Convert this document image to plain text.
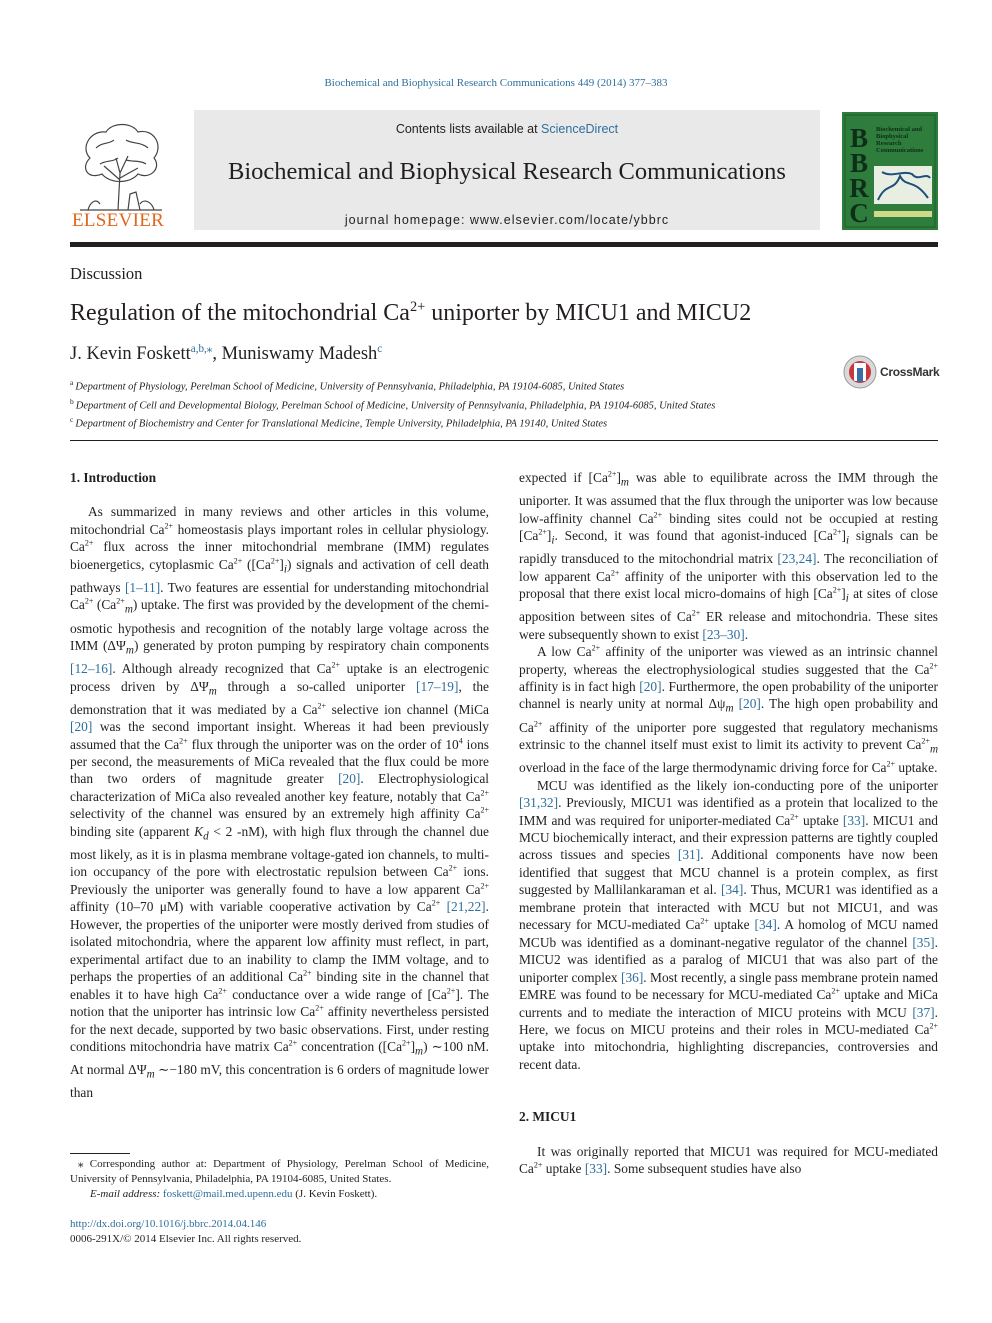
Biochemical and Biophysical Research Communications 449 (2014) 377–383
ELSEVIER
Contents lists available at ScienceDirect
Biochemical and Biophysical Research Communications
journal homepage: www.elsevier.com/locate/ybbrc
B
B
R
C
Biochemical and Biophysical Research Communications
Discussion
Regulation of the mitochondrial $Ca^{2+}$ uniporter by MICU1 and MICU2
J. Kevin Foskett$^{a,b,⁎}$, Muniswamy Madesh$^c$
CrossMark
$^a$ Department of Physiology, Perelman School of Medicine, University of Pennsylvania, Philadelphia, PA 19104-6085, United States
$^b$ Department of Cell and Developmental Biology, Perelman School of Medicine, University of Pennsylvania, Philadelphia, PA 19104-6085, United States
$^c$ Department of Biochemistry and Center for Translational Medicine, Temple University, Philadelphia, PA 19140, United States
1. Introduction

As summarized in many reviews and other articles in this volume, mitochondrial $Ca^{2+}$ homeostasis plays important roles in cellular physiology. $Ca^{2+}$ flux across the inner mitochondrial membrane (IMM) regulates bioenergetics, cytoplasmic $Ca^{2+}$ $([Ca^{2+}]_i)$ signals and activation of cell death pathways [1–11]. Two features are essential for understanding mitochondrial $Ca^{2+}$ $(Ca^{2+}_m)$ uptake. The first was provided by the development of the chemi-osmotic hypothesis and recognition of the notably large voltage across the IMM $(\Delta\Psi_m)$ generated by proton pumping by respiratory chain components [12–16]. Although already recognized that $Ca^{2+}$ uptake is an electrogenic process driven by $\Delta\Psi_m$ through a so-called uniporter [17–19], the demonstration that it was mediated by a $Ca^{2+}$ selective ion channel (MiCa [20] was the second important insight. Whereas it had been previously assumed that the $Ca^{2+}$ flux through the uniporter was on the order of $10^4$ ions per second, the measurements of MiCa revealed that the flux could be more than two orders of magnitude greater [20]. Electrophysiological characterization of MiCa also revealed another key feature, notably that $Ca^{2+}$ selectivity of the channel was ensured by an extremely high affinity $Ca^{2+}$ binding site (apparent $K_d < 2$ -nM), with high flux through the channel due most likely, as it is in plasma membrane voltage-gated ion channels, to multi-ion occupancy of the pore with electrostatic repulsion between $Ca^{2+}$ ions. Previously the uniporter was generally found to have a low apparent $Ca^{2+}$ affinity (10–70 μM) with variable cooperative activation by $Ca^{2+}$ [21,22]. However, the properties of the uniporter were mostly derived from studies of isolated mitochondria, where the apparent low affinity must reflect, in part, experimental artifact due to an inability to clamp the IMM voltage, and to perhaps the properties of an additional $Ca^{2+}$ binding site in the channel that enables it to have high $Ca^{2+}$ conductance over a wide range of $[Ca^{2+}]$. The notion that the uniporter has intrinsic low $Ca^{2+}$ affinity nevertheless persisted for the next decade, supported by two basic observations. First, under resting conditions mitochondria have matrix $Ca^{2+}$ concentration $([Ca^{2+}]_m)$ ∼100 nM. At normal $\Delta\Psi_m$ ∼−180 mV, this concentration is 6 orders of magnitude lower than

⁎ Corresponding author at: Department of Physiology, Perelman School of Medicine, University of Pennsylvania, Philadelphia, PA 19104-6085, United States.

E-mail address: foskett@mail.med.upenn.edu (J. Kevin Foskett).

http://dx.doi.org/10.1016/j.bbrc.2014.04.146
0006-291X/© 2014 Elsevier Inc. All rights reserved.

expected if $[Ca^{2+}]_m$ was able to equilibrate across the IMM through the uniporter. It was assumed that the flux through the uniporter was low because low-affinity channel $Ca^{2+}$ binding sites could not be occupied at resting $[Ca^{2+}]_i$. Second, it was found that agonist-induced $[Ca^{2+}]_i$ signals can be rapidly transduced to the mitochondrial matrix [23,24]. The reconciliation of low apparent $Ca^{2+}$ affinity of the uniporter with this observation led to the proposal that there exist local micro-domains of high $[Ca^{2+}]_i$ at sites of close apposition between sites of $Ca^{2+}$ ER release and mitochondria. These sites were subsequently shown to exist [23–30].

A low $Ca^{2+}$ affinity of the uniporter was viewed as an intrinsic channel property, whereas the electrophysiological studies suggested that the $Ca^{2+}$ affinity is in fact high [20]. Furthermore, the open probability of the uniporter channel is nearly unity at normal $\Delta\psi_m$ [20]. The high open probability and $Ca^{2+}$ affinity of the uniporter pore suggested that regulatory mechanisms extrinsic to the channel itself must exist to limit its activity to prevent $Ca^{2+}_m$ overload in the face of the large thermodynamic driving force for $Ca^{2+}$ uptake.

MCU was identified as the likely ion-conducting pore of the uniporter [31,32]. Previously, MICU1 was identified as a protein that localized to the IMM and was required for uniporter-mediated $Ca^{2+}$ uptake [33]. MICU1 and MCU biochemically interact, and their expression patterns are tightly coupled across tissues and species [31]. Additional components have now been identified that suggest that MCU channel is a protein complex, as first suggested by Mallilankaraman et al. [34]. Thus, MCUR1 was identified as a membrane protein that interacted with MCU but not MICU1, and was necessary for MCU-mediated $Ca^{2+}$ uptake [34]. A homolog of MCU named MCUb was identified as a dominant-negative regulator of the channel [35]. MICU2 was identified as a paralog of MICU1 that was also part of the uniporter complex [36]. Most recently, a single pass membrane protein named EMRE was found to be necessary for MCU-mediated $Ca^{2+}$ uptake and MiCa currents and to mediate the interaction of MICU proteins with MCU [37]. Here, we focus on MICU proteins and their roles in MCU-mediated $Ca^{2+}$ uptake into mitochondria, highlighting discrepancies, controversies and recent data.

2. MICU1

It was originally reported that MICU1 was required for MCU-mediated $Ca^{2+}$ uptake [33]. Some subsequent studies have also
